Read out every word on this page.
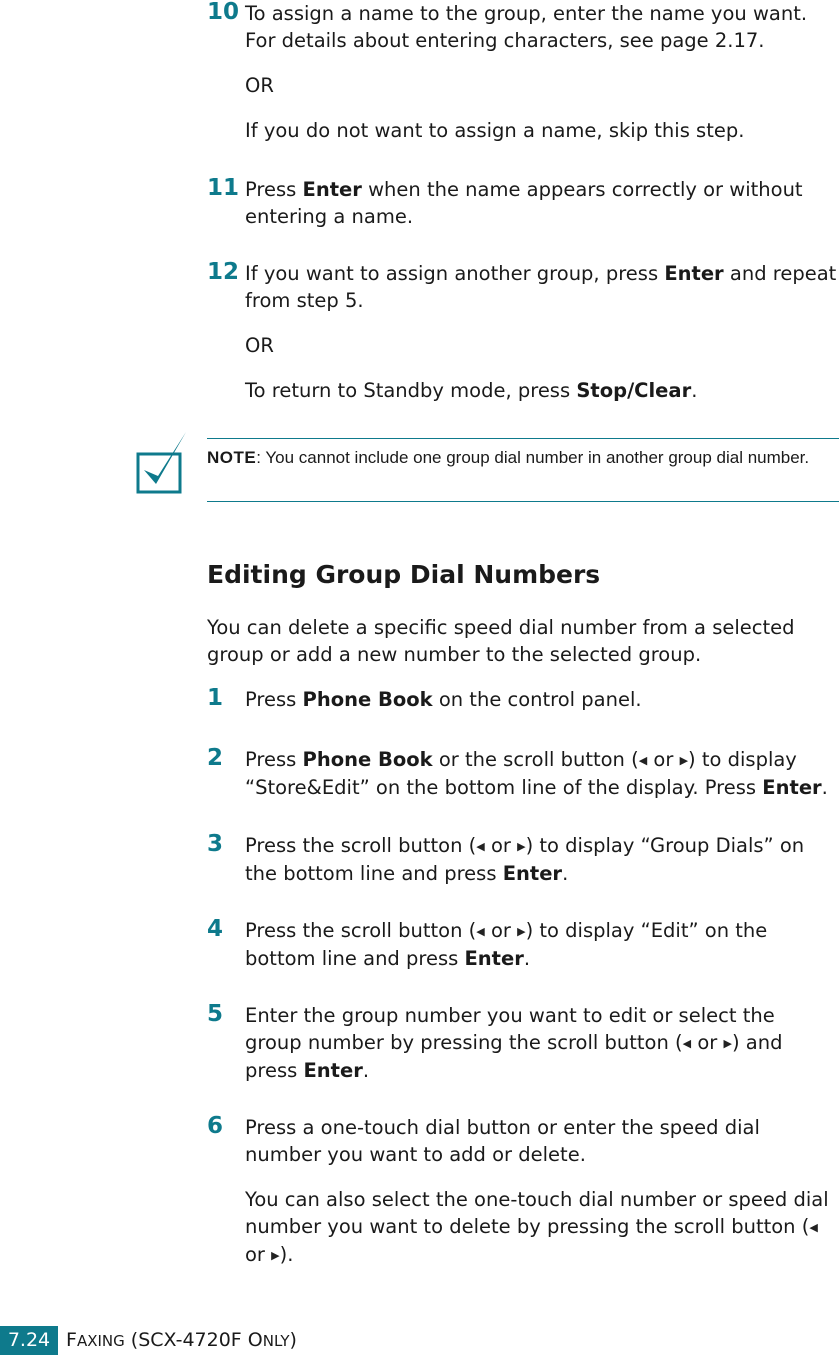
10 To assign a name to the group, enter the name you want. For details about entering characters, see page 2.17.

OR

If you do not want to assign a name, skip this step.

11 Press Enter when the name appears correctly or without entering a name.

12 If you want to assign another group, press Enter and repeat from step 5.

OR

To return to Standby mode, press Stop/Clear.

NOTE: You cannot include one group dial number in another group dial number.
Editing Group Dial Numbers
You can delete a specific speed dial number from a selected group or add a new number to the selected group.
1 Press Phone Book on the control panel.

2 Press Phone Book or the scroll button (◀ or ▶) to display “Store&Edit” on the bottom line of the display. Press Enter.

3 Press the scroll button (◀ or ▶) to display “Group Dials” on the bottom line and press Enter.

4 Press the scroll button (◀ or ▶) to display “Edit” on the bottom line and press Enter.

5 Enter the group number you want to edit or select the group number by pressing the scroll button (◀ or ▶) and press Enter.

6 Press a one-touch dial button or enter the speed dial number you want to add or delete.

You can also select the one-touch dial number or speed dial number you want to delete by pressing the scroll button (◀ or ▶).

7.24 FAXING (SCX-4720F ONLY)
